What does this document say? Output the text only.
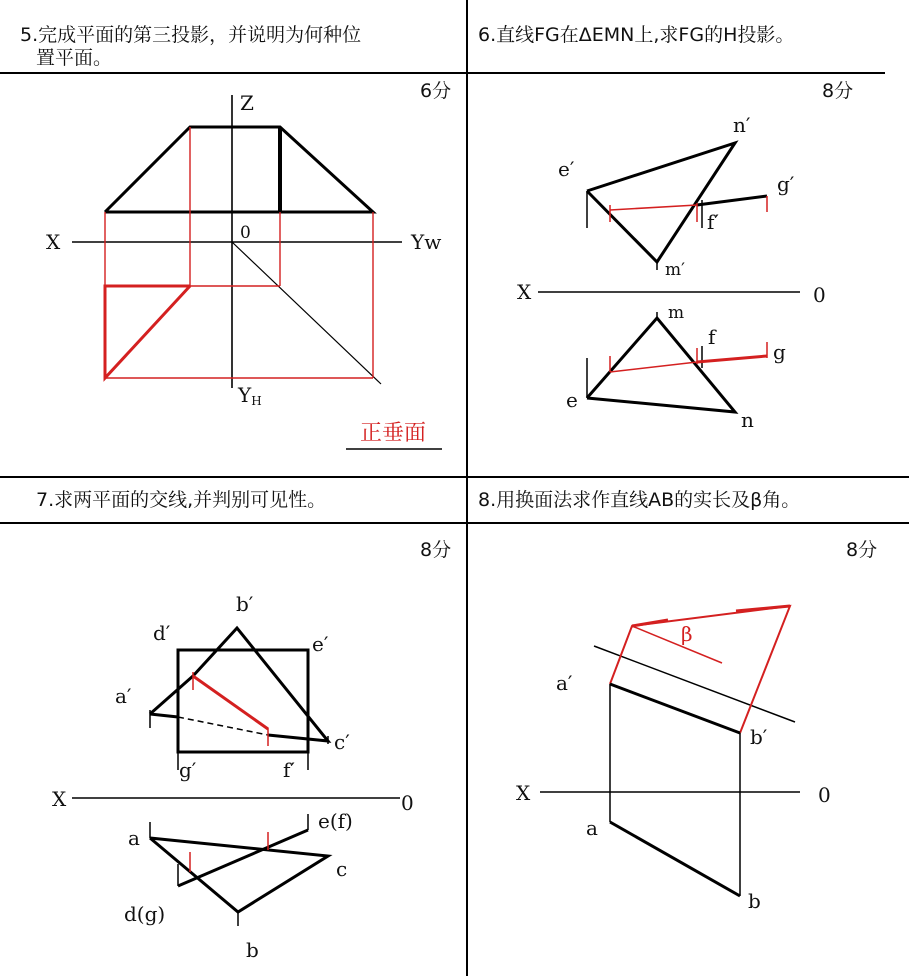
5.完成平面的第三投影，并说明为何种位
置平面。
6分
Z
X	Yw
0
YH
正垂面
6.直线FG在ΔEMN上,求FG的H投影。
8分
n′
e′
g′
f′
m′
X	0
m
f
g
e
n
7.求两平面的交线,并判别可见性。
8分
b′
d′	e′
a′
c′
g′	f′
X	0
a
e(f)
c
d(g)
b
8.用换面法求作直线AB的实长及β角。
8分
β
a′
b′
X	0
a
b
